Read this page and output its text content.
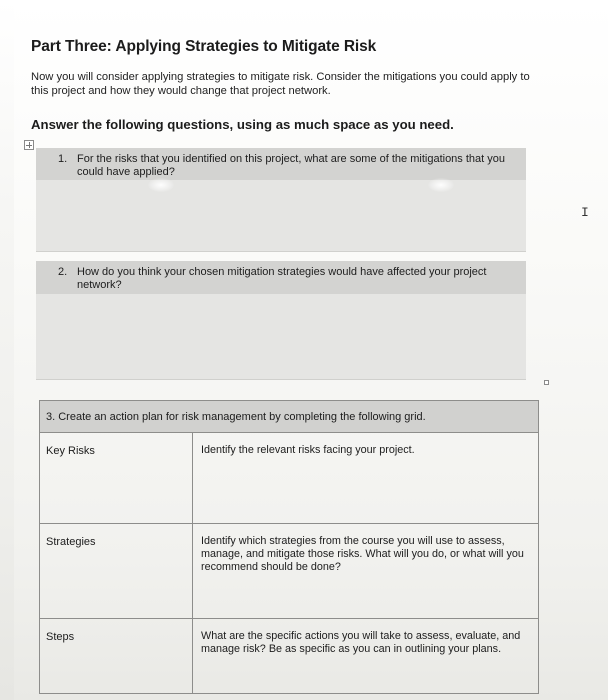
Part Three: Applying Strategies to Mitigate Risk
Now you will consider applying strategies to mitigate risk. Consider the mitigations you could apply to this project and how they would change that project network.
Answer the following questions, using as much space as you need.
1. For the risks that you identified on this project, what are some of the mitigations that you could have applied?
2. How do you think your chosen mitigation strategies would have affected your project network?
3. Create an action plan for risk management by completing the following grid.
Key Risks	Identify the relevant risks facing your project.
Strategies	Identify which strategies from the course you will use to assess, manage, and mitigate those risks. What will you do, or what will you recommend should be done?
Steps	What are the specific actions you will take to assess, evaluate, and manage risk? Be as specific as you can in outlining your plans.
I
